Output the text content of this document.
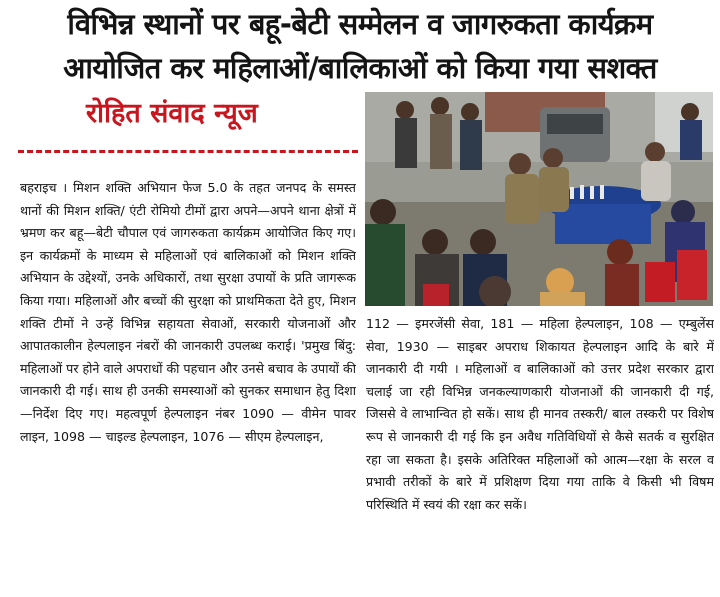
विभिन्न स्थानों पर बहू-बेटी सम्मेलन व जागरुकता कार्यक्रम
आयोजित कर महिलाओं/बालिकाओं को किया गया सशक्त
रोहित संवाद न्यूज
बहराइच । मिशन शक्ति अभियान फेज 5.0 के तहत जनपद के समस्त थानों की मिशन शक्ति/ एंटी रोमियो टीमों द्वारा अपने—अपने थाना क्षेत्रों में भ्रमण कर बहू—बेटी चौपाल एवं जागरुकता कार्यक्रम आयोजित किए गए। इन कार्यक्रमों के माध्यम से महिलाओं एवं बालिकाओं को मिशन शक्ति अभियान के उद्देश्यों, उनके अधिकारों, तथा सुरक्षा उपायों के प्रति जागरूक किया गया। महिलाओं और बच्चों की सुरक्षा को प्राथमिकता देते हुए, मिशन शक्ति टीमों ने उन्हें विभिन्न सहायता सेवाओं, सरकारी योजनाओं और आपातकालीन हेल्पलाइन नंबरों की जानकारी उपलब्ध कराई। 'प्रमुख बिंदु: महिलाओं पर होने वाले अपराधों की पहचान और उनसे बचाव के उपायों की जानकारी दी गई। साथ ही उनकी समस्याओं को सुनकर समाधान हेतु दिशा—निर्देश दिए गए। महत्वपूर्ण हेल्पलाइन नंबर 1090 — वीमेन पावर लाइन, 1098 — चाइल्ड हेल्पलाइन, 1076 — सीएम हेल्पलाइन,
112 — इमरजेंसी सेवा, 181 — महिला हेल्पलाइन, 108 — एम्बुलेंस सेवा, 1930 — साइबर अपराध शिकायत हेल्पलाइन आदि के बारे में जानकारी दी गयी । महिलाओं व बालिकाओं को उत्तर प्रदेश सरकार द्वारा चलाई जा रही विभिन्न जनकल्याणकारी योजनाओं की जानकारी दी गई, जिससे वे लाभान्वित हो सकें। साथ ही मानव तस्करी/ बाल तस्करी पर विशेष रूप से जानकारी दी गई कि इन अवैध गतिविधियों से कैसे सतर्क व सुरक्षित रहा जा सकता है। इसके अतिरिक्त महिलाओं को आत्म—रक्षा के सरल व प्रभावी तरीकों के बारे में प्रशिक्षण दिया गया ताकि वे किसी भी विषम परिस्थिति में स्वयं की रक्षा कर सकें।
